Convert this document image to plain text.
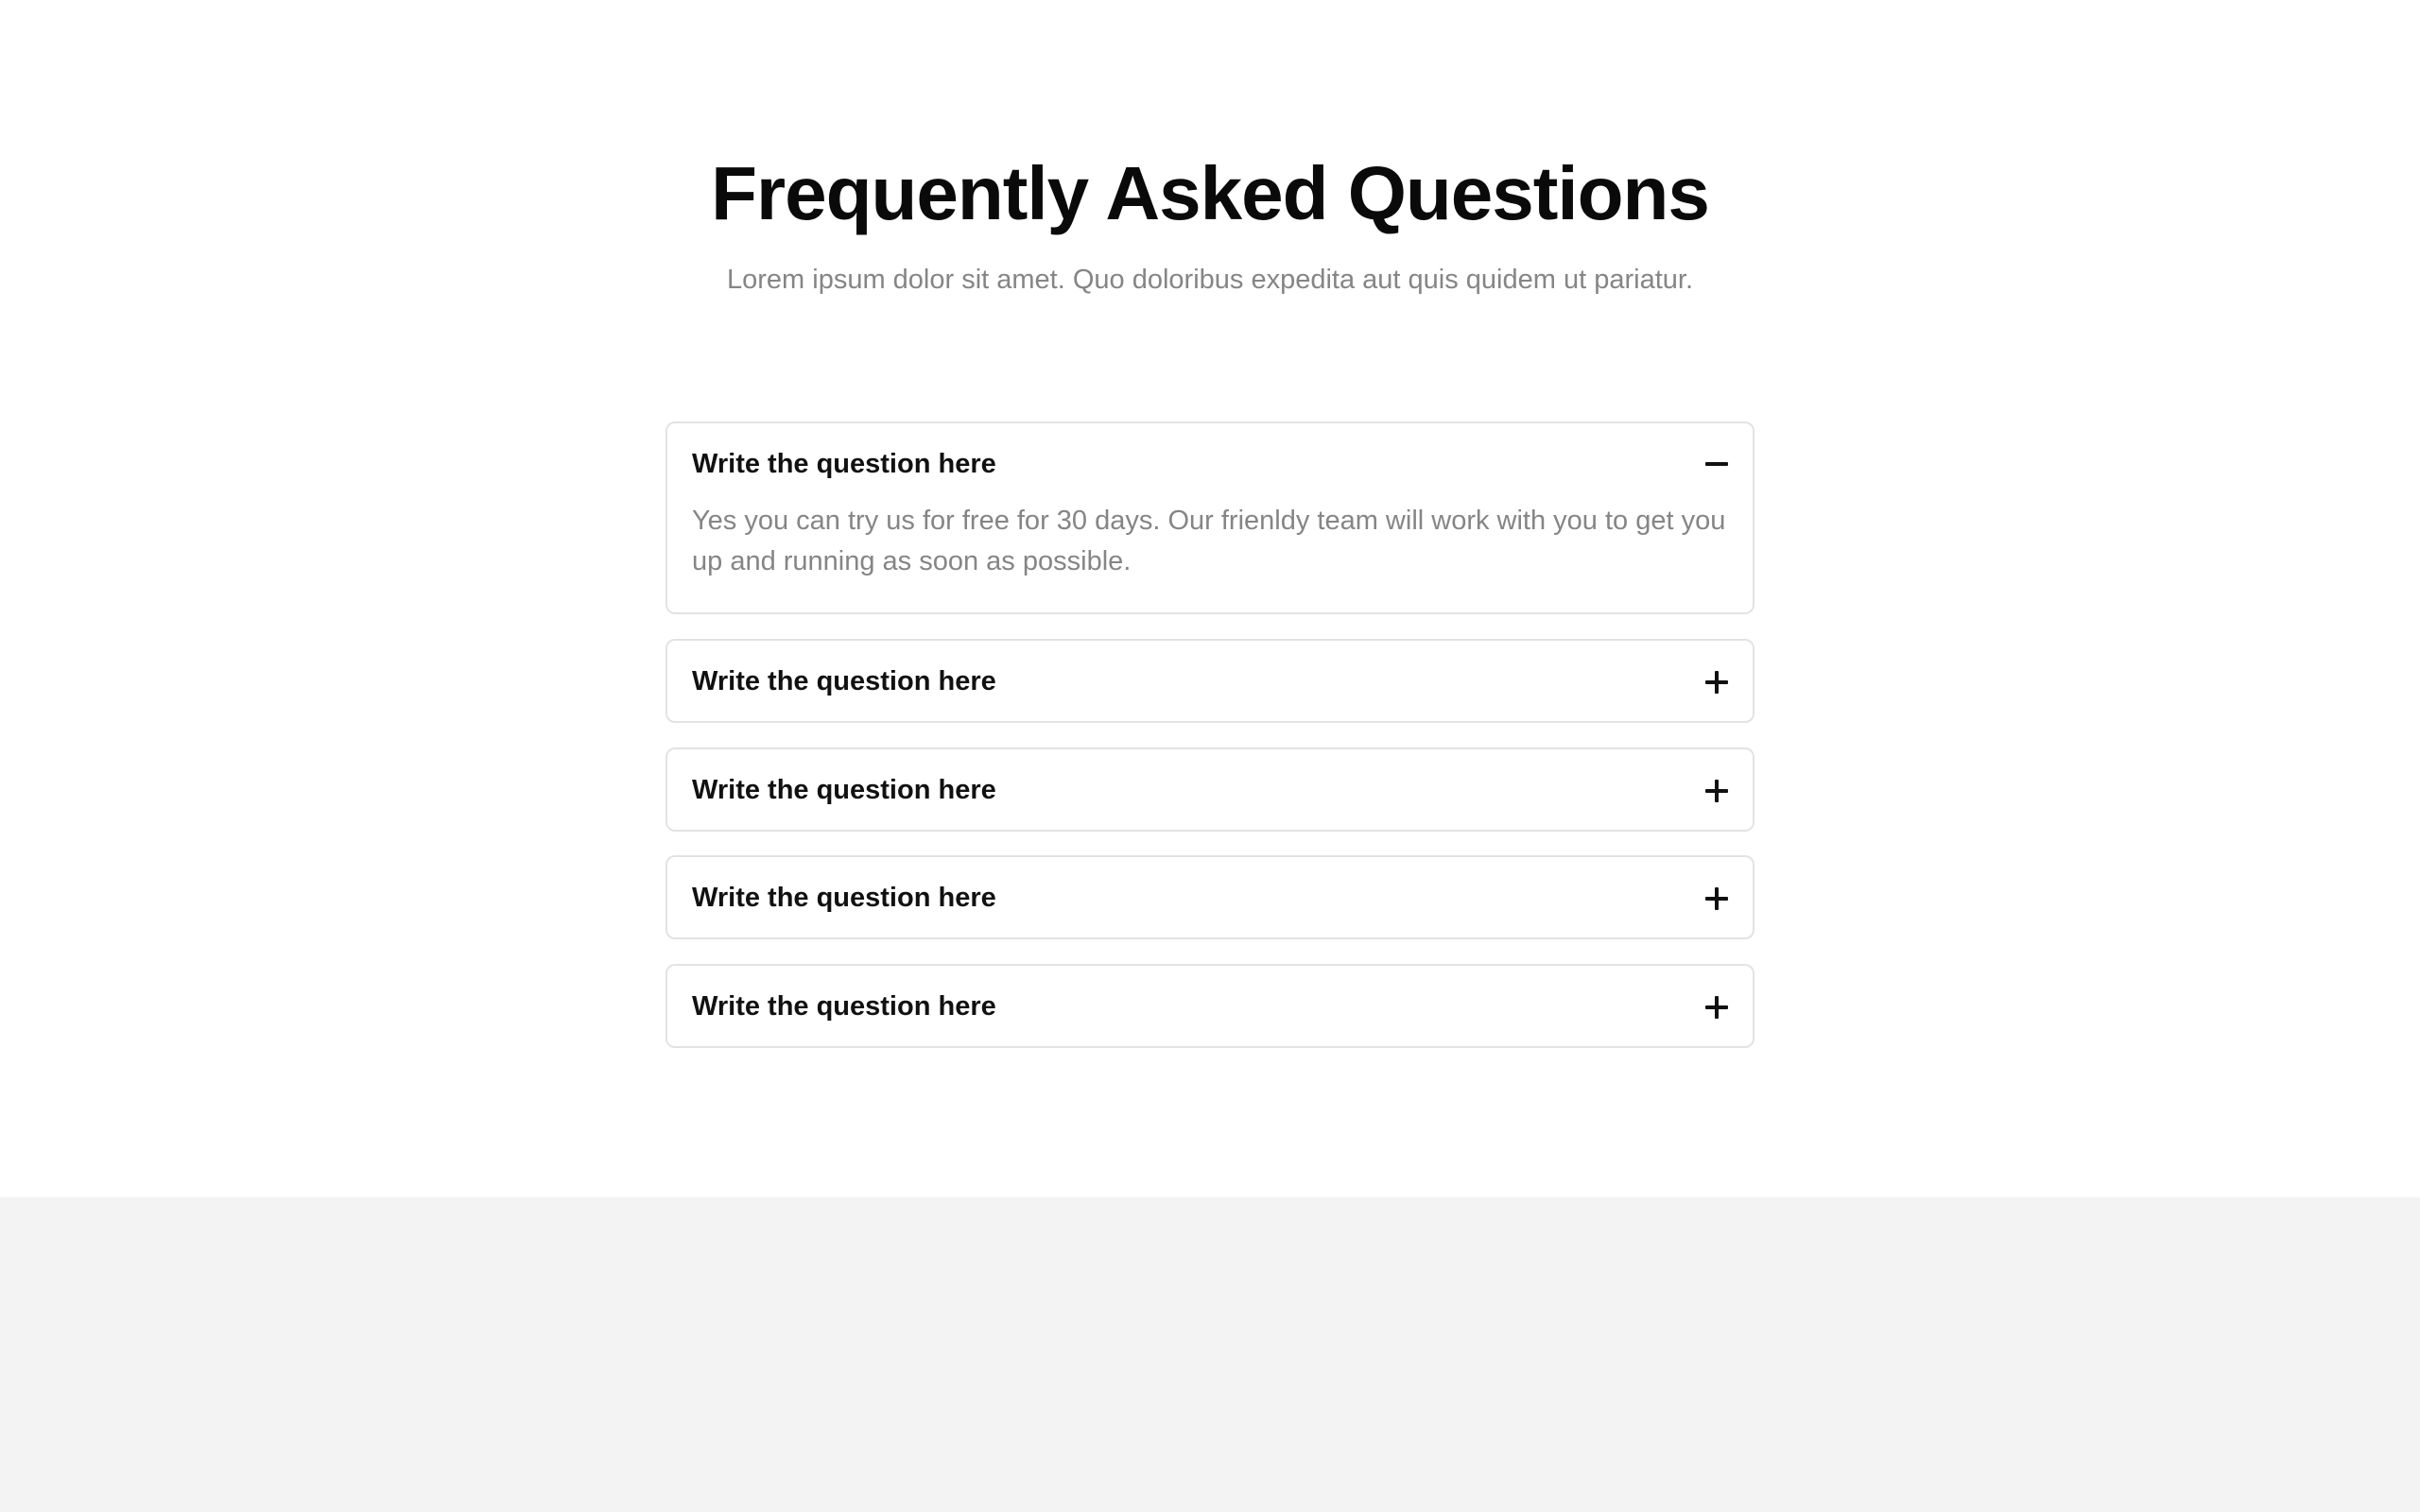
Frequently Asked Questions

Lorem ipsum dolor sit amet. Quo doloribus expedita aut quis quidem ut pariatur.

Write the question here

Yes you can try us for free for 30 days. Our frienldy team will work with you to get you up and running as soon as possible.

Write the question here
Write the question here
Write the question here
Write the question here
